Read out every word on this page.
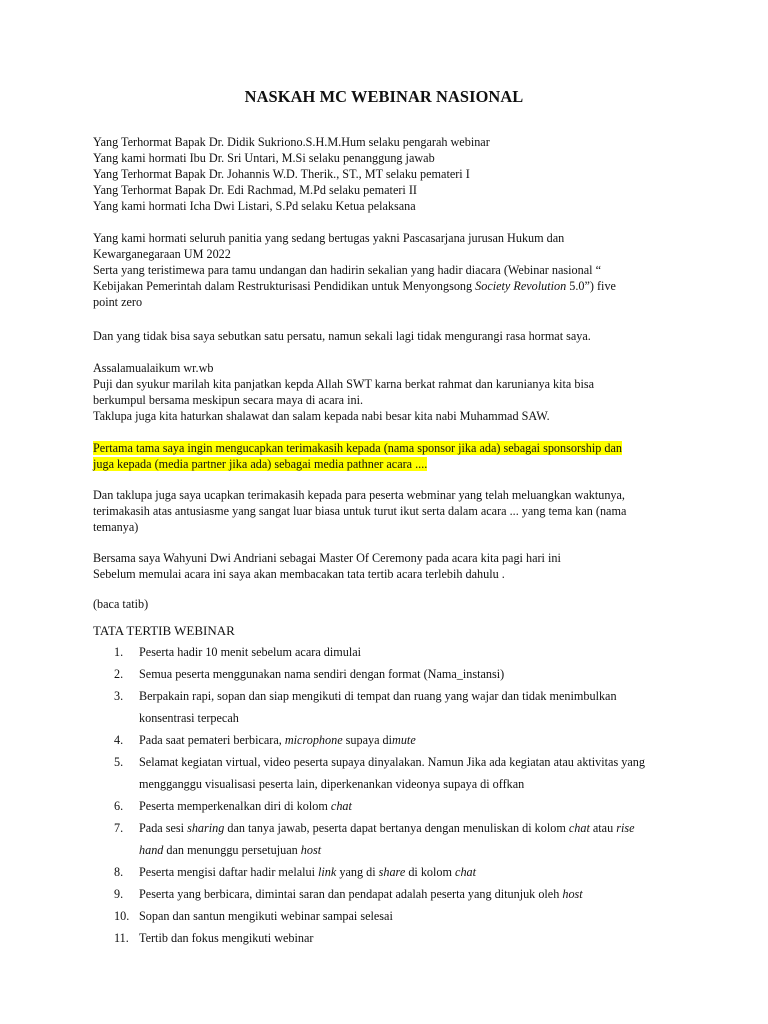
NASKAH MC WEBINAR NASIONAL

Yang Terhormat Bapak Dr. Didik Sukriono.S.H.M.Hum selaku pengarah webinar

Yang kami hormati Ibu Dr. Sri Untari, M.Si selaku penanggung jawab

Yang Terhormat Bapak Dr. Johannis W.D. Therik., ST., MT selaku pemateri I

Yang Terhormat Bapak Dr. Edi Rachmad, M.Pd selaku pemateri II

Yang kami hormati Icha Dwi Listari, S.Pd selaku Ketua pelaksana

Yang kami hormati seluruh panitia yang sedang bertugas yakni Pascasarjana jurusan Hukum dan

Kewarganegaraan UM 2022

Serta yang teristimewa para tamu undangan dan hadirin sekalian yang hadir diacara (Webinar nasional “

Kebijakan Pemerintah dalam Restrukturisasi Pendidikan untuk Menyongsong Society Revolution 5.0”) five

point zero

Dan yang tidak bisa saya sebutkan satu persatu, namun sekali lagi tidak mengurangi rasa hormat saya.

Assalamualaikum wr.wb

Puji dan syukur marilah kita panjatkan kepda Allah SWT karna berkat rahmat dan karunianya kita bisa

berkumpul bersama meskipun secara maya di acara ini.

Taklupa juga kita haturkan shalawat dan salam kepada nabi besar kita nabi Muhammad SAW.

Pertama tama saya ingin mengucapkan terimakasih kepada (nama sponsor jika ada) sebagai sponsorship dan

juga kepada (media partner jika ada) sebagai media pathner acara ....

Dan taklupa juga saya ucapkan terimakasih kepada para peserta webminar yang telah meluangkan waktunya,

terimakasih atas antusiasme yang sangat luar biasa untuk turut ikut serta dalam acara ... yang tema kan (nama

temanya)

Bersama saya Wahyuni Dwi Andriani sebagai Master Of Ceremony pada acara kita pagi hari ini

Sebelum memulai acara ini saya akan membacakan tata tertib acara terlebih dahulu .

(baca tatib)

TATA TERTIB WEBINAR
1.	Peserta hadir 10 menit sebelum acara dimulai
2.	Semua peserta menggunakan nama sendiri dengan format (Nama_instansi)
3.	Berpakain rapi, sopan dan siap mengikuti di tempat dan ruang yang wajar dan tidak menimbulkan
konsentrasi terpecah
4.	Pada saat pemateri berbicara, microphone supaya dimute
5.	Selamat kegiatan virtual, video peserta supaya dinyalakan. Namun Jika ada kegiatan atau aktivitas yang
mengganggu visualisasi peserta lain, diperkenankan videonya supaya di offkan
6.	Peserta memperkenalkan diri di kolom chat
7.	Pada sesi sharing dan tanya jawab, peserta dapat bertanya dengan menuliskan di kolom chat atau rise
hand dan menunggu persetujuan host
8.	Peserta mengisi daftar hadir melalui link yang di share di kolom chat
9.	Peserta yang berbicara, dimintai saran dan pendapat adalah peserta yang ditunjuk oleh host
10. Sopan dan santun mengikuti webinar sampai selesai
11. Tertib dan fokus mengikuti webinar
